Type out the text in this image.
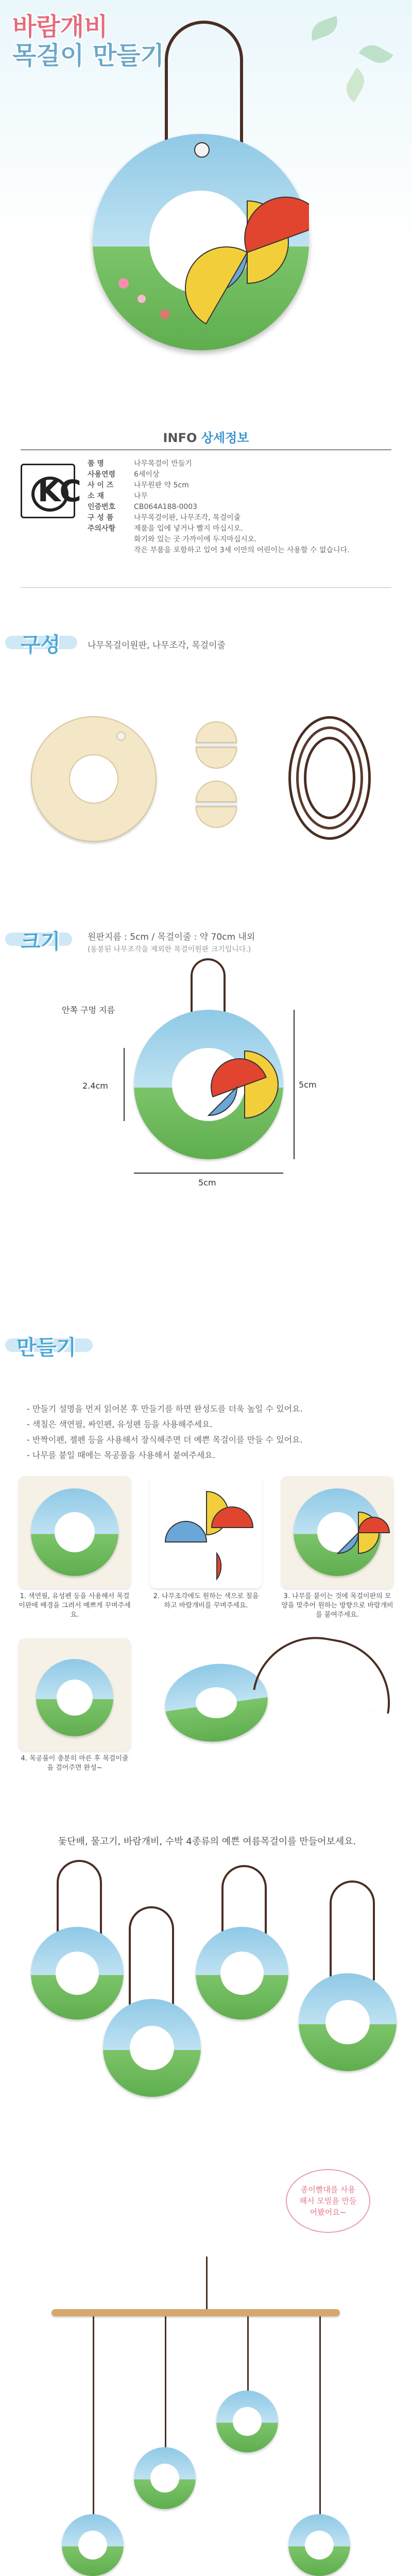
바람개비
목걸이 만들기
INFO 상세정보
KC
품 명	나무목걸이 만들기
사용연령	6세이상
사 이 즈	나무원판 약 5cm
소 재	나무
인증번호	CB064A188-0003
구 성 품	나무목걸이판, 나무조각, 목걸이줄
주의사항	제품을 입에 넣거나 빨지 마십시오.
화기와 있는 곳 가까이에 두지마십시오.
작은 부품을 포함하고 있어 3세 이만의 어린이는 사용할 수 없습니다.
구성	나무목걸이원판, 나무조각, 목걸이줄
크기	원판지름 : 5cm / 목걸이줄 : 약 70cm 내외
(동봉된 나무조각을 제외한 목걸이원판 크기입니다.)
안쪽 구멍 지름
2.4cm	5cm
5cm
만들기
- 만들기 설명을 먼저 읽어본 후 만들기를 하면 완성도를 더욱 높일 수 있어요.
- 색칠은 색연필, 싸인펜, 유성펜 등을 사용해주세요.
- 반짝이펜, 젤펜 등을 사용해서 장식해주면 더 예쁜 목걸이를 만들 수 있어요.
- 나무를 붙일 때에는 목공풀을 사용해서 붙여주세요.
1. 색연필, 유성펜 등을 사용해서 목걸이판에 배경을 그려서 예쁘게 꾸며주세요.
2. 나무조각에도 원하는 색으로 칠을 하고 바람개비를 꾸며주세요.
3. 나무를 붙이는 것에 목걸이판의 모양을 맞추어 원하는 방향으로 바람개비를 붙여주세요.
4. 목공풀이 충분히 마른 후 목걸이줄을 걸어주면 완성~
돛단배, 물고기, 바람개비, 수박 4종류의 예쁜 여름목걸이를 만들어보세요.
종이빨대를 사용해서 모빌을 만들어봤어요~
